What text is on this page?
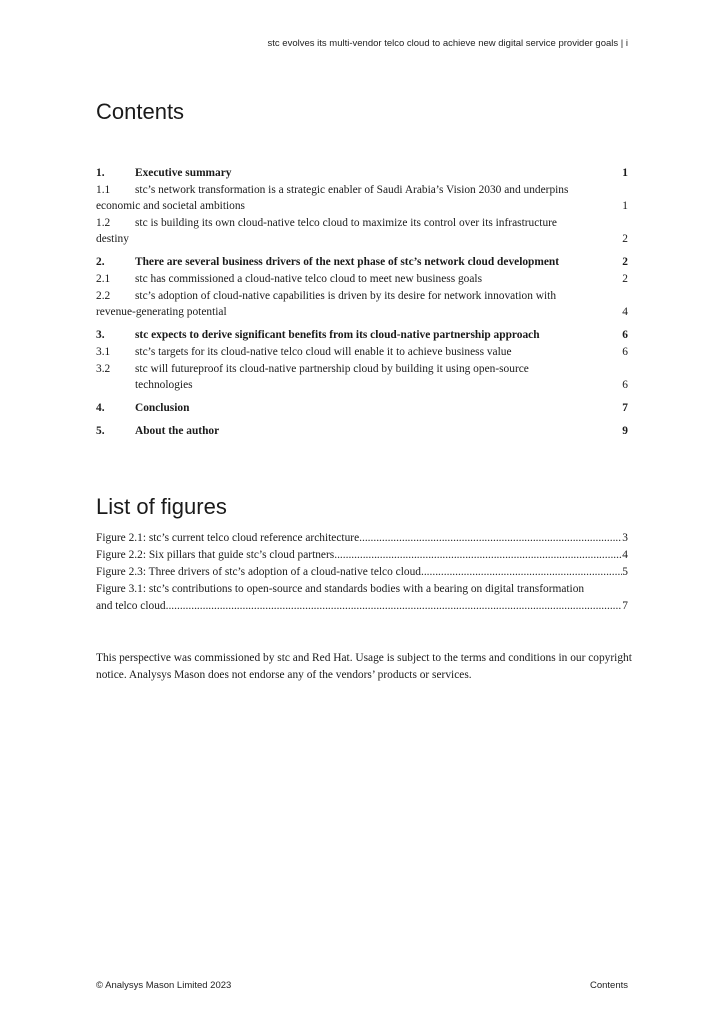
stc evolves its multi-vendor telco cloud to achieve new digital service provider goals | i
Contents
1.	Executive summary	1
1.1	stc’s network transformation is a strategic enabler of Saudi Arabia’s Vision 2030 and underpins
economic and societal ambitions	1
1.2	stc is building its own cloud-native telco cloud to maximize its control over its infrastructure
destiny	2
2.	There are several business drivers of the next phase of stc’s network cloud development	2
2.1	stc has commissioned a cloud-native telco cloud to meet new business goals	2
2.2	stc’s adoption of cloud-native capabilities is driven by its desire for network innovation with
revenue-generating potential	4
3.	stc expects to derive significant benefits from its cloud-native partnership approach	6
3.1	stc’s targets for its cloud-native telco cloud will enable it to achieve business value	6
3.2	stc will futureproof its cloud-native partnership cloud by building it using open-source
technologies	6
4.	Conclusion	7
5.	About the author	9
List of figures
Figure 2.1: stc’s current telco cloud reference architecture .....	3
Figure 2.2: Six pillars that guide stc’s cloud partners .....	4
Figure 2.3: Three drivers of stc’s adoption of a cloud-native telco cloud .....	5
Figure 3.1: stc’s contributions to open-source and standards bodies with a bearing on digital transformation
and telco cloud .....	7
This perspective was commissioned by stc and Red Hat. Usage is subject to the terms and conditions in our copyright notice. Analysys Mason does not endorse any of the vendors’ products or services.
© Analysys Mason Limited 2023	Contents
